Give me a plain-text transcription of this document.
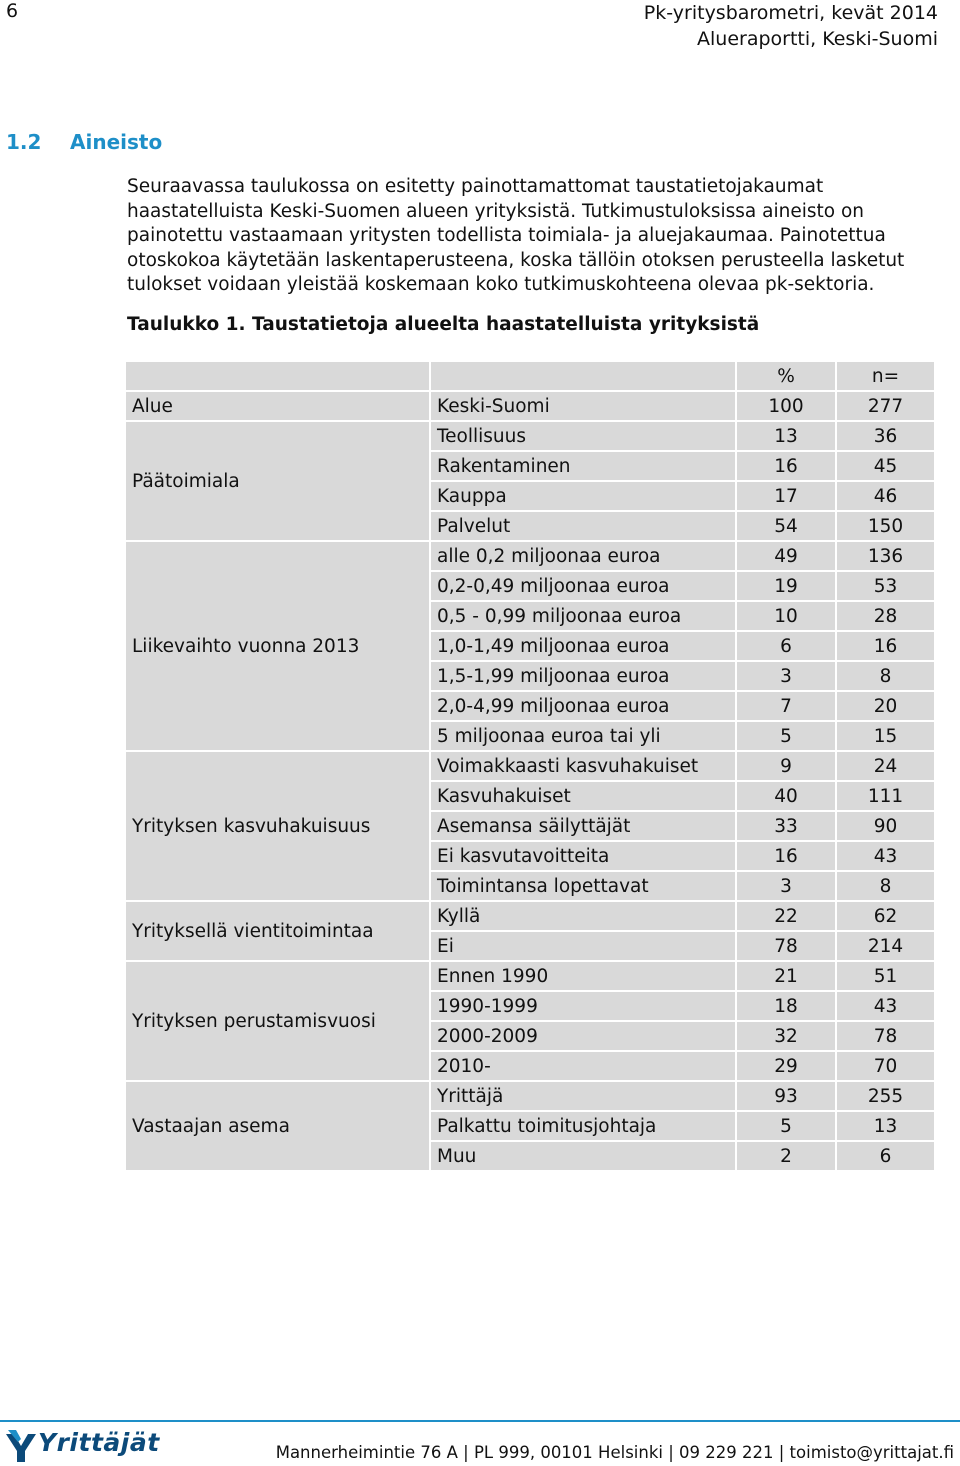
6	Pk-yritysbarometri, kevät 2014
Alueraportti, Keski-Suomi
1.2 Aineisto

Seuraavassa taulukossa on esitetty painottamattomat taustatietojakaumat haastatelluista Keski-Suomen alueen yrityksistä. Tutkimustuloksissa aineisto on painotettu vastaamaan yritysten todellista toimiala- ja aluejakaumaa. Painotettua otoskokoa käytetään laskentaperusteena, koska tällöin otoksen perusteella lasketut tulokset voidaan yleistää koskemaan koko tutkimuskohteena olevaa pk-sektoria.

Taulukko 1. Taustatietoja alueelta haastatelluista yrityksistä
		%	n=
Alue	Keski-Suomi	100	277
Päätoimiala	Teollisuus	13	36
	Rakentaminen	16	45
	Kauppa	17	46
	Palvelut	54	150
Liikevaihto vuonna 2013	alle 0,2 miljoonaa euroa	49	136
	0,2-0,49 miljoonaa euroa	19	53
	0,5 - 0,99 miljoonaa euroa	10	28
	1,0-1,49 miljoonaa euroa	6	16
	1,5-1,99 miljoonaa euroa	3	8
	2,0-4,99 miljoonaa euroa	7	20
	5 miljoonaa euroa tai yli	5	15
Yrityksen kasvuhakuisuus	Voimakkaasti kasvuhakuiset	9	24
	Kasvuhakuiset	40	111
	Asemansa säilyttäjät	33	90
	Ei kasvutavoitteita	16	43
	Toimintansa lopettavat	3	8
Yrityksellä vientitoimintaa	Kyllä	22	62
	Ei	78	214
Yrityksen perustamisvuosi	Ennen 1990	21	51
	1990-1999	18	43
	2000-2009	32	78
	2010-	29	70
Vastaajan asema	Yrittäjä	93	255
	Palkattu toimitusjohtaja	5	13
	Muu	2	6
Yrittäjät	Mannerheimintie 76 A | PL 999, 00101 Helsinki | 09 229 221 | toimisto@yrittajat.fi
